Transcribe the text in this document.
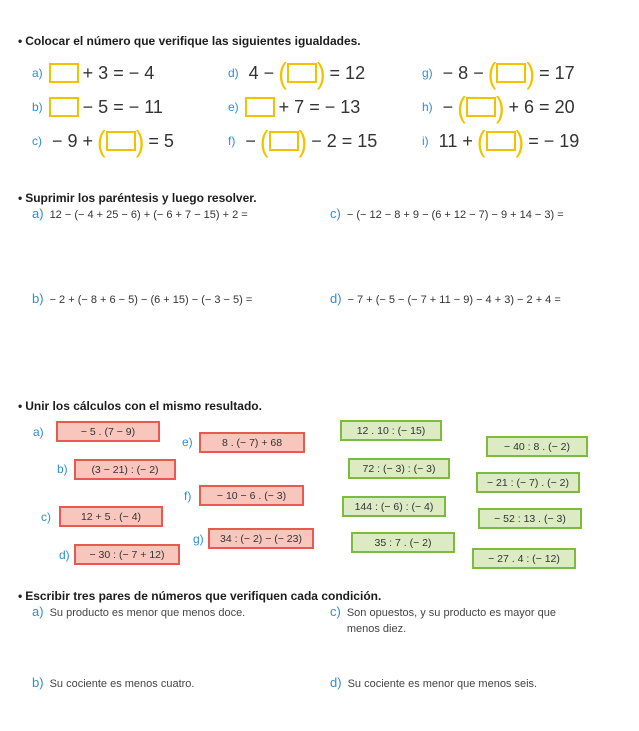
• Colocar el número que verifique las siguientes igualdades.
a) + 3 = − 4
b) − 5 = − 11
c) − 9 + ( ) = 5
d) 4 − ( ) = 12
e) + 7 = − 13
f) − ( ) − 2 = 15
g) − 8 − ( ) = 17
h) − ( ) + 6 = 20
i) 11 + ( ) = − 19
• Suprimir los paréntesis y luego resolver.
a) 12 − (− 4 + 25 − 6) + (− 6 + 7 − 15) + 2 =	c) − (− 12 − 8 + 9 − (6 + 12 − 7) − 9 + 14 − 3) =
b) − 2 + (− 8 + 6 − 5) − (6 + 15) − (− 3 − 5) =	d) − 7 + (− 5 − (− 7 + 11 − 9) − 4 + 3) − 2 + 4 =
• Unir los cálculos con el mismo resultado.
a)	− 5 . (7 − 9)
b) (3 − 21) : (− 2)
c)	12 + 5 . (− 4)
d) − 30 : (− 7 + 12)
e)	8 . (− 7) + 68
f) − 10 − 6 . (− 3)
g) 34 : (− 2) − (− 23)
12 . 10 : (− 15)
72 : (− 3) : (− 3)
144 : (− 6) : (− 4)
35 : 7 . (− 2)
− 40 : 8 . (− 2)
− 21 : (− 7) . (− 2)
− 52 : 13 . (− 3)
− 27 . 4 : (− 12)
• Escribir tres pares de números que verifiquen cada condición.
a) Su producto es menor que menos doce.	c) Son opuestos, y su producto es mayor que menos diez.
b) Su cociente es menos cuatro.	d) Su cociente es menor que menos seis.
